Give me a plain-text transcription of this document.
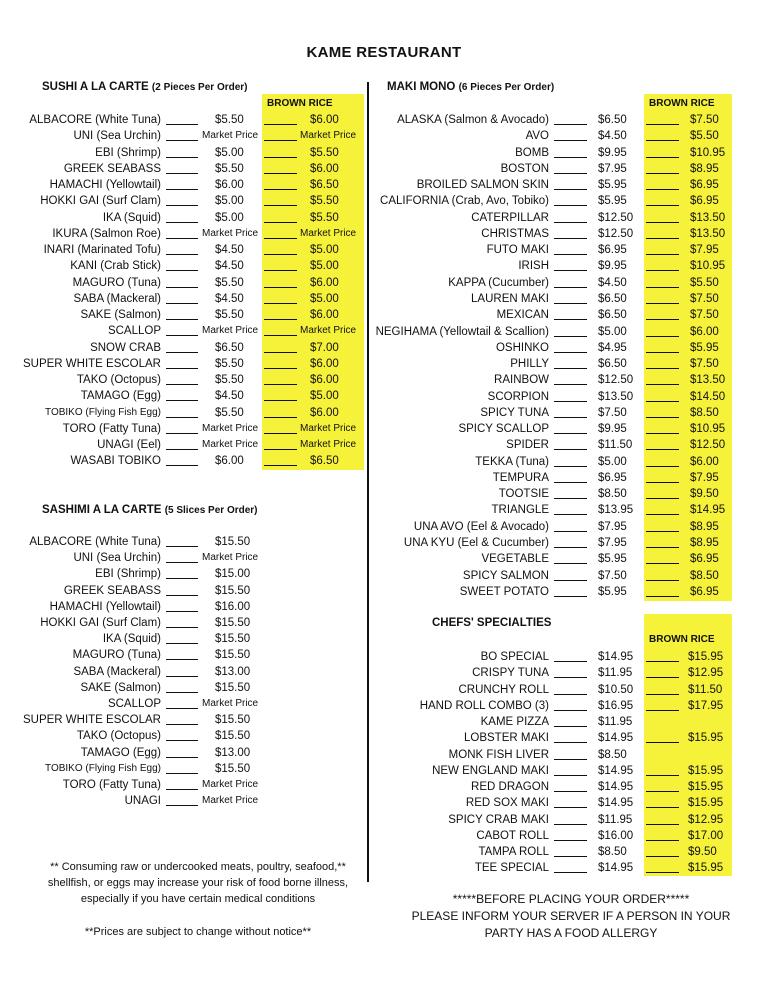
KAME RESTAURANT
BROWN RICE	BROWN RICE
BROWN RICE
SUSHI A LA CARTE (2 Pieces Per Order)	MAKI MONO (6 Pieces Per Order)
SASHIMI A LA CARTE (5 Slices Per Order)
CHEFS' SPECIALTIES
ALBACORE (White Tuna)	$5.50	$6.00
UNI (Sea Urchin)	Market Price	Market Price
EBI (Shrimp)	$5.00	$5.50
GREEK SEABASS	$5.50	$6.00
HAMACHI (Yellowtail)	$6.00	$6.50
HOKKI GAI (Surf Clam)	$5.00	$5.50
IKA (Squid)	$5.00	$5.50
IKURA (Salmon Roe)	Market Price	Market Price
INARI (Marinated Tofu)	$4.50	$5.00
KANI (Crab Stick)	$4.50	$5.00
MAGURO (Tuna)	$5.50	$6.00
SABA (Mackeral)	$4.50	$5.00
SAKE (Salmon)	$5.50	$6.00
SCALLOP	Market Price	Market Price
SNOW CRAB	$6.50	$7.00
SUPER WHITE ESCOLAR	$5.50	$6.00
TAKO (Octopus)	$5.50	$6.00
TAMAGO (Egg)	$4.50	$5.00
TOBIKO (Flying Fish Egg)	$5.50	$6.00
TORO (Fatty Tuna)	Market Price	Market Price
UNAGI (Eel)	Market Price	Market Price
WASABI TOBIKO	$6.00	$6.50
ALBACORE (White Tuna)	$15.50
UNI (Sea Urchin)	Market Price
EBI (Shrimp)	$15.00
GREEK SEABASS	$15.50
HAMACHI (Yellowtail)	$16.00
HOKKI GAI (Surf Clam)	$15.50
IKA (Squid)	$15.50
MAGURO (Tuna)	$15.50
SABA (Mackeral)	$13.00
SAKE (Salmon)	$15.50
SCALLOP	Market Price
SUPER WHITE ESCOLAR	$15.50
TAKO (Octopus)	$15.50
TAMAGO (Egg)	$13.00
TOBIKO (Flying Fish Egg)	$15.50
TORO (Fatty Tuna)	Market Price
UNAGI	Market Price
ALASKA (Salmon & Avocado)	$6.50	$7.50
AVO	$4.50	$5.50
BOMB	$9.95	$10.95
BOSTON	$7.95	$8.95
BROILED SALMON SKIN	$5.95	$6.95
CALIFORNIA (Crab, Avo, Tobiko)	$5.95	$6.95
CATERPILLAR	$12.50	$13.50
CHRISTMAS	$12.50	$13.50
FUTO MAKI	$6.95	$7.95
IRISH	$9.95	$10.95
KAPPA (Cucumber)	$4.50	$5.50
LAUREN MAKI	$6.50	$7.50
MEXICAN	$6.50	$7.50
NEGIHAMA (Yellowtail & Scallion)	$5.00	$6.00
OSHINKO	$4.95	$5.95
PHILLY	$6.50	$7.50
RAINBOW	$12.50	$13.50
SCORPION	$13.50	$14.50
SPICY TUNA	$7.50	$8.50
SPICY SCALLOP	$9.95	$10.95
SPIDER	$11.50	$12.50
TEKKA (Tuna)	$5.00	$6.00
TEMPURA	$6.95	$7.95
TOOTSIE	$8.50	$9.50
TRIANGLE	$13.95	$14.95
UNA AVO (Eel & Avocado)	$7.95	$8.95
UNA KYU (Eel & Cucumber)	$7.95	$8.95
VEGETABLE	$5.95	$6.95
SPICY SALMON	$7.50	$8.50
SWEET POTATO	$5.95	$6.95
BO SPECIAL	$14.95	$15.95
CRISPY TUNA	$11.95	$12.95
CRUNCHY ROLL	$10.50	$11.50
HAND ROLL COMBO (3)	$16.95	$17.95
KAME PIZZA	$11.95
LOBSTER MAKI	$14.95	$15.95
MONK FISH LIVER	$8.50
NEW ENGLAND MAKI	$14.95	$15.95
RED DRAGON	$14.95	$15.95
RED SOX MAKI	$14.95	$15.95
SPICY CRAB MAKI	$11.95	$12.95
CABOT ROLL	$16.00	$17.00
TAMPA ROLL	$8.50	$9.50
TEE SPECIAL	$14.95	$15.95
** Consuming raw or undercooked meats, poultry, seafood,**
shellfish, or eggs may increase your risk of food borne illness,
especially if you have certain medical conditions
**Prices are subject to change without notice**
*****BEFORE PLACING YOUR ORDER*****
PLEASE INFORM YOUR SERVER IF A PERSON IN YOUR
PARTY HAS A FOOD ALLERGY
